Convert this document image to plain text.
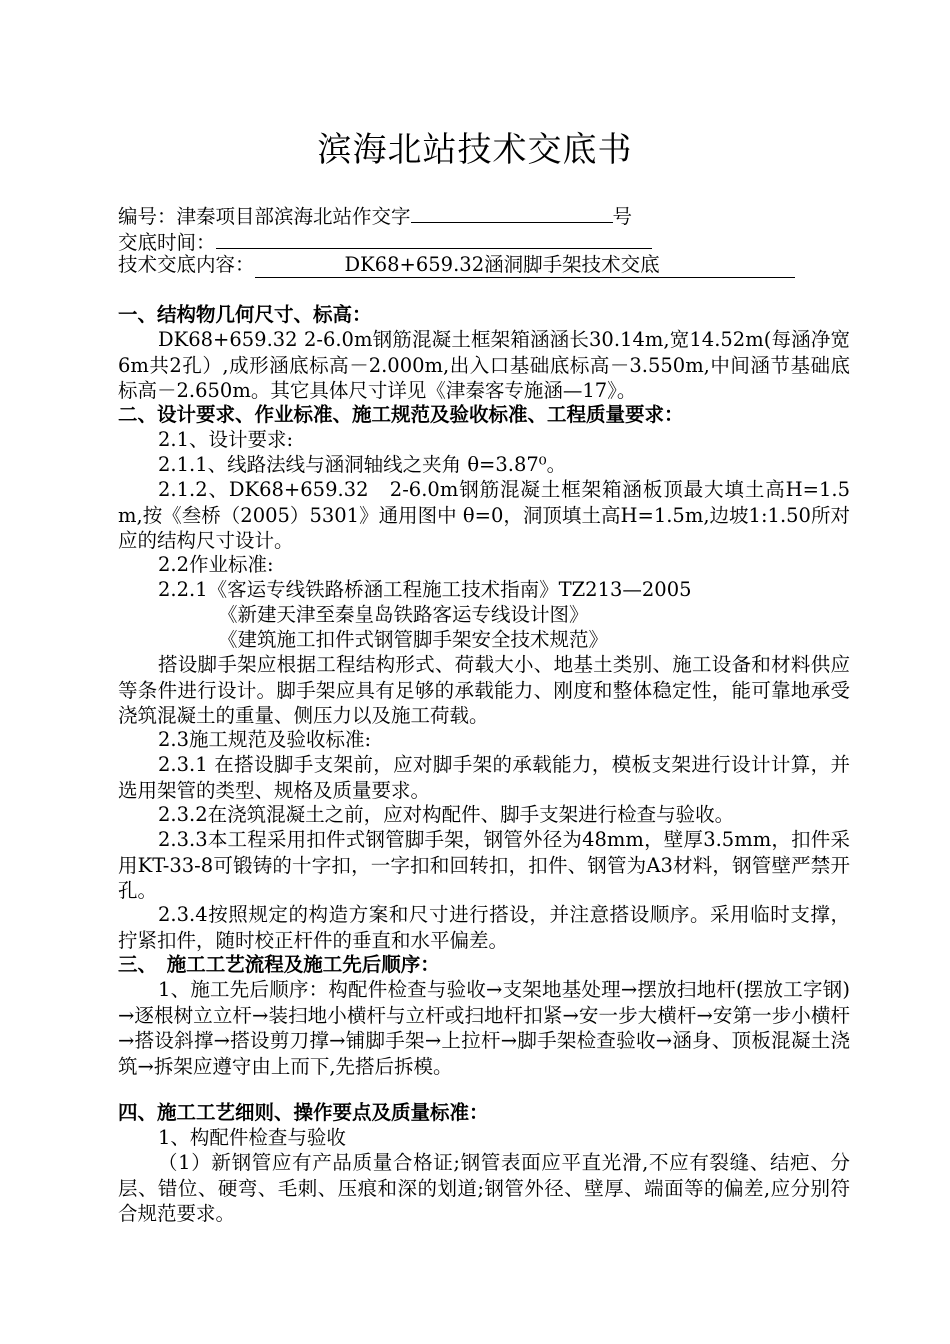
滨海北站技术交底书
编号：津秦项目部滨海北站作交字	号
交底时间：
技术交底内容：	DK68+659.32涵洞脚手架技术交底
一、结构物几何尺寸、标高：
DK68+659.32 2-6.0m钢筋混凝土框架箱涵涵长30.14m,宽14.52m(每涵净宽6m共2孔）,成形涵底标高－2.000m,出入口基础底标高－3.550m,中间涵节基础底标高－2.650m。其它具体尺寸详见《津秦客专施涵—17》。
二、设计要求、作业标准、施工规范及验收标准、工程质量要求：
2.1、设计要求:
2.1.1、线路法线与涵洞轴线之夹角 θ=3.87⁰。
2.1.2、DK68+659.32　2-6.0m钢筋混凝土框架箱涵板顶最大填土高H=1.5m,按《叁桥（2005）5301》通用图中 θ=0，洞顶填土高H=1.5m,边坡1:1.50所对应的结构尺寸设计。
2.2作业标准:
2.2.1《客运专线铁路桥涵工程施工技术指南》TZ213—2005
《新建天津至秦皇岛铁路客运专线设计图》
《建筑施工扣件式钢管脚手架安全技术规范》
搭设脚手架应根据工程结构形式、荷载大小、地基土类别、施工设备和材料供应等条件进行设计。脚手架应具有足够的承载能力、刚度和整体稳定性，能可靠地承受浇筑混凝土的重量、侧压力以及施工荷载。
2.3施工规范及验收标准:
2.3.1 在搭设脚手支架前，应对脚手架的承载能力，模板支架进行设计计算，并选用架管的类型、规格及质量要求。
2.3.2在浇筑混凝土之前，应对构配件、脚手支架进行检查与验收。
2.3.3本工程采用扣件式钢管脚手架，钢管外径为48mm，壁厚3.5mm，扣件采用KT-33-8可锻铸的十字扣，一字扣和回转扣，扣件、钢管为A3材料，钢管壁严禁开孔。
2.3.4按照规定的构造方案和尺寸进行搭设，并注意搭设顺序。采用临时支撑，拧紧扣件，随时校正杆件的垂直和水平偏差。
三、　施工工艺流程及施工先后顺序：
1、施工先后顺序：构配件检查与验收→支架地基处理→摆放扫地杆(摆放工字钢)→逐根树立立杆→装扫地小横杆与立杆或扫地杆扣紧→安一步大横杆→安第一步小横杆→搭设斜撑→搭设剪刀撑→铺脚手架→上拉杆→脚手架检查验收→涵身、顶板混凝土浇筑→拆架应遵守由上而下,先搭后拆模。
四、施工工艺细则、操作要点及质量标准：
1、构配件检查与验收
（1）新钢管应有产品质量合格证;钢管表面应平直光滑,不应有裂缝、结疤、分层、错位、硬弯、毛刺、压痕和深的划道;钢管外径、壁厚、端面等的偏差,应分别符合规范要求。
